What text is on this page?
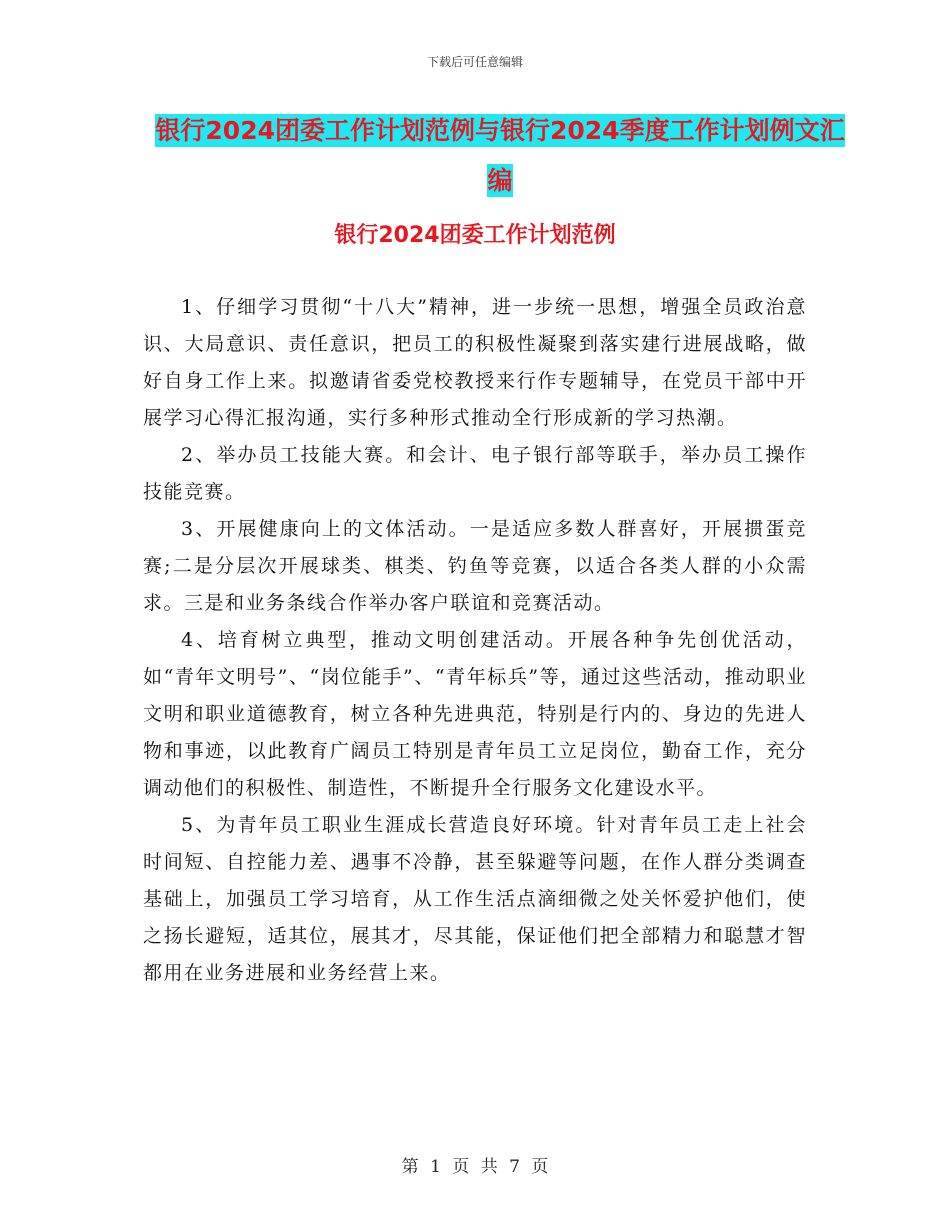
下载后可任意编辑
银行2024团委工作计划范例与银行2024季度工作计划例文汇编
银行2024团委工作计划范例

1、仔细学习贯彻“十八大”精神，进一步统一思想，增强全员政治意识、大局意识、责任意识，把员工的积极性凝聚到落实建行进展战略，做好自身工作上来。拟邀请省委党校教授来行作专题辅导，在党员干部中开展学习心得汇报沟通，实行多种形式推动全行形成新的学习热潮。

2、举办员工技能大赛。和会计、电子银行部等联手，举办员工操作技能竞赛。

3、开展健康向上的文体活动。一是适应多数人群喜好，开展掼蛋竞赛;二是分层次开展球类、棋类、钓鱼等竞赛，以适合各类人群的小众需求。三是和业务条线合作举办客户联谊和竞赛活动。

4、培育树立典型，推动文明创建活动。开展各种争先创优活动，如“青年文明号”、“岗位能手”、“青年标兵”等，通过这些活动，推动职业文明和职业道德教育，树立各种先进典范，特别是行内的、身边的先进人物和事迹，以此教育广阔员工特别是青年员工立足岗位，勤奋工作，充分调动他们的积极性、制造性，不断提升全行服务文化建设水平。

5、为青年员工职业生涯成长营造良好环境。针对青年员工走上社会时间短、自控能力差、遇事不冷静，甚至躲避等问题，在作人群分类调查基础上，加强员工学习培育，从工作生活点滴细微之处关怀爱护他们，使之扬长避短，适其位，展其才，尽其能，保证他们把全部精力和聪慧才智都用在业务进展和业务经营上来。

第 1 页 共 7 页
